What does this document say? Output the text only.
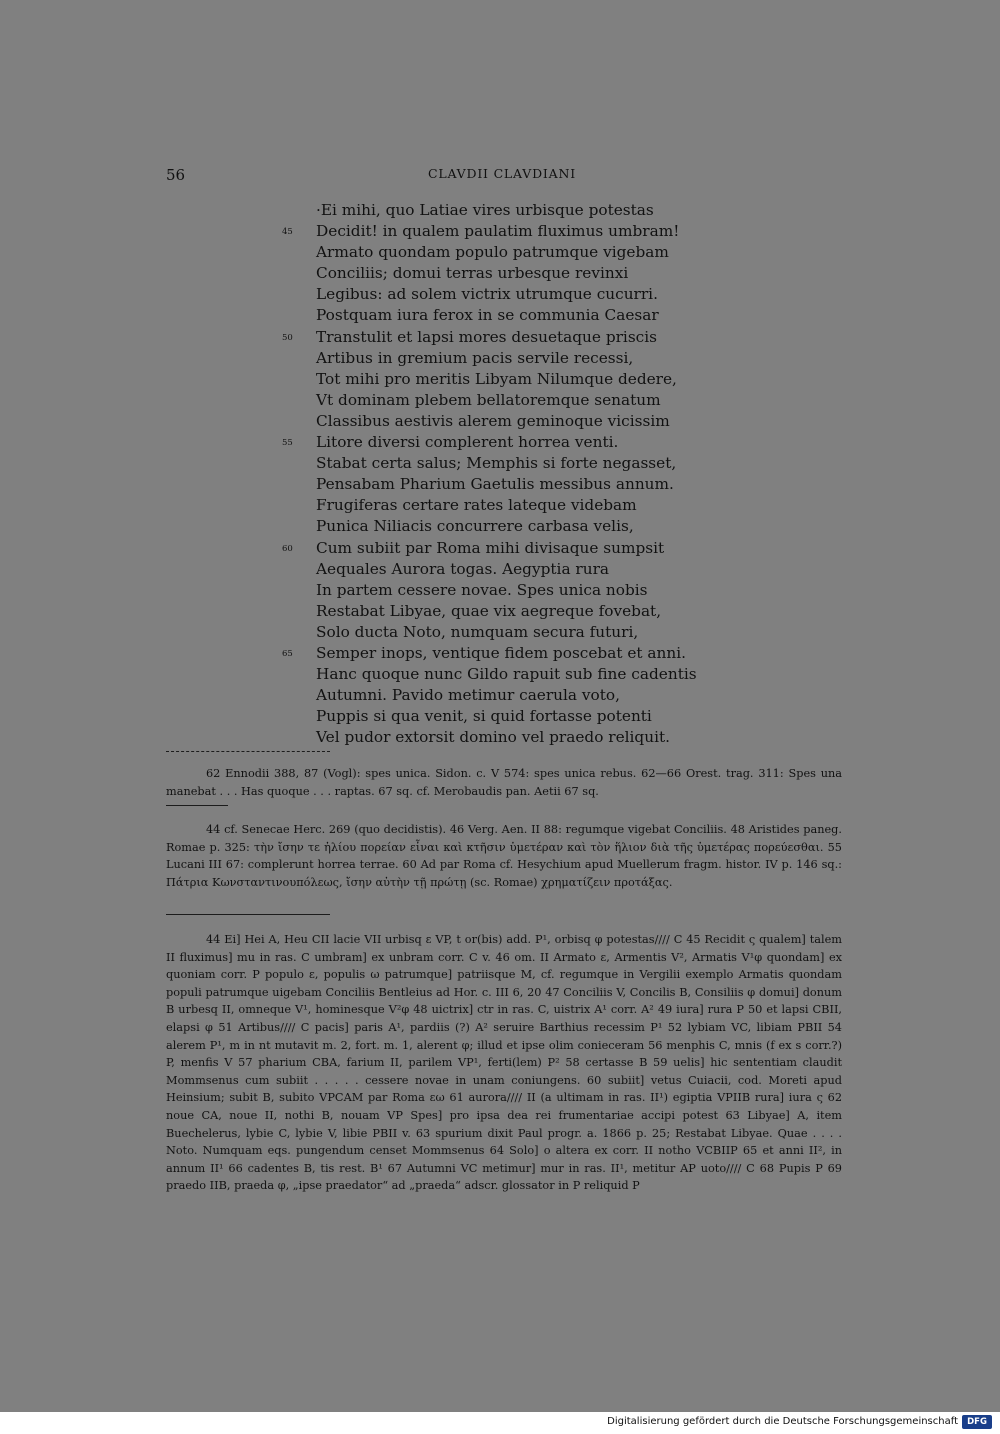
56	CLAVDII CLAVDIANI
·Ei mihi, quo Latiae vires urbisque potestas
45 Decidit! in qualem paulatim fluximus umbram!
Armato quondam populo patrumque vigebam
Conciliis; domui terras urbesque revinxi
Legibus: ad solem victrix utrumque cucurri.
Postquam iura ferox in se communia Caesar
50 Transtulit et lapsi mores desuetaque priscis
Artibus in gremium pacis servile recessi,
Tot mihi pro meritis Libyam Nilumque dedere,
Vt dominam plebem bellatoremque senatum
Classibus aestivis alerem geminoque vicissim
55 Litore diversi complerent horrea venti.
Stabat certa salus; Memphis si forte negasset,
Pensabam Pharium Gaetulis messibus annum.
Frugiferas certare rates lateque videbam
Punica Niliacis concurrere carbasa velis,
60 Cum subiit par Roma mihi divisaque sumpsit
Aequales Aurora togas. Aegyptia rura
In partem cessere novae. Spes unica nobis
Restabat Libyae, quae vix aegreque fovebat,
Solo ducta Noto, numquam secura futuri,
65 Semper inops, ventique fidem poscebat et anni.
Hanc quoque nunc Gildo rapuit sub fine cadentis
Autumni. Pavido metimur caerula voto,
Puppis si qua venit, si quid fortasse potenti
Vel pudor extorsit domino vel praedo reliquit.
62 Ennodii 388, 87 (Vogl): spes unica. Sidon. c. V 574: spes unica rebus. 62—66 Orest. trag. 311: Spes una manebat . . . Has quoque . . . raptas. 67 sq. cf. Merobaudis pan. Aetii 67 sq.
44 cf. Senecae Herc. 269 (quo decidistis). 46 Verg. Aen. II 88: regumque vigebat Conciliis. 48 Aristides paneg. Romae p. 325: τὴν ἴσην τε ἡλίου πορείαν εἶναι καὶ κτῆσιν ὑμετέραν καὶ τὸν ἥλιον διὰ τῆς ὑμετέρας πορεύεσθαι. 55 Lucani III 67: complerunt horrea terrae. 60 Ad par Roma cf. Hesychium apud Muellerum fragm. histor. IV p. 146 sq.: Πάτρια Κωνσταντινουπόλεως, ἴσην αὐτὴν τῇ πρώτῃ (sc. Romae) χρηματίζειν προτάξας.
44 Ei] Hei A, Heu CII lacie VII urbisq ε VP, t or(bis) add. P¹, orbisq φ potestas//// C 45 Recidit ς qualem] talem II fluximus] mu in ras. C umbram] ex unbram corr. C v. 46 om. II Armato ε, Armentis V², Armatis V¹φ quondam] ex quoniam corr. P populo ε, populis ω patrumque] patriisque M, cf. regumque in Vergilii exemplo Armatis quondam populi patrumque uigebam Conciliis Bentleius ad Hor. c. III 6, 20 47 Conciliis V, Concilis B, Consiliis φ domui] donum B urbesq II, omneque V¹, hominesque V²φ 48 uictrix] ctr in ras. C, uistrix A¹ corr. A² 49 iura] rura P 50 et lapsi CBII, elapsi φ 51 Artibus//// C pacis] paris A¹, pardiis (?) A² seruire Barthius recessim P¹ 52 lybiam VC, libiam PBII 54 alerem P¹, m in nt mutavit m. 2, fort. m. 1, alerent φ; illud et ipse olim conieceram 56 menphis C, mnis (f ex s corr.?) P, menfis V 57 pharium CBA, farium II, parilem VP¹, ferti(lem) P² 58 certasse B 59 uelis] hic sententiam claudit Mommsenus cum subiit . . . . . cessere novae in unam coniungens. 60 subiit] vetus Cuiacii, cod. Moreti apud Heinsium; subit B, subito VPCAM par Roma εω 61 aurora//// II (a ultimam in ras. II¹) egiptia VPIIB rura] iura ς 62 noue CA, noue II, nothi B, nouam VP Spes] pro ipsa dea rei frumentariae accipi potest 63 Libyae] A, item Buechelerus, lybie C, lybie V, libie PBII v. 63 spurium dixit Paul progr. a. 1866 p. 25; Restabat Libyae. Quae . . . . Noto. Numquam eqs. pungendum censet Mommsenus 64 Solo] o altera ex corr. II notho VCBIIP 65 et anni II², in annum II¹ 66 cadentes B, tis rest. B¹ 67 Autumni VC metimur] mur in ras. II¹, metitur AP uoto//// C 68 Pupis P 69 praedo IIB, praeda φ, „ipse praedator“ ad „praeda“ adscr. glossator in P reliquid P
Digitalisierung gefördert durch die Deutsche Forschungsgemeinschaft	DFG
